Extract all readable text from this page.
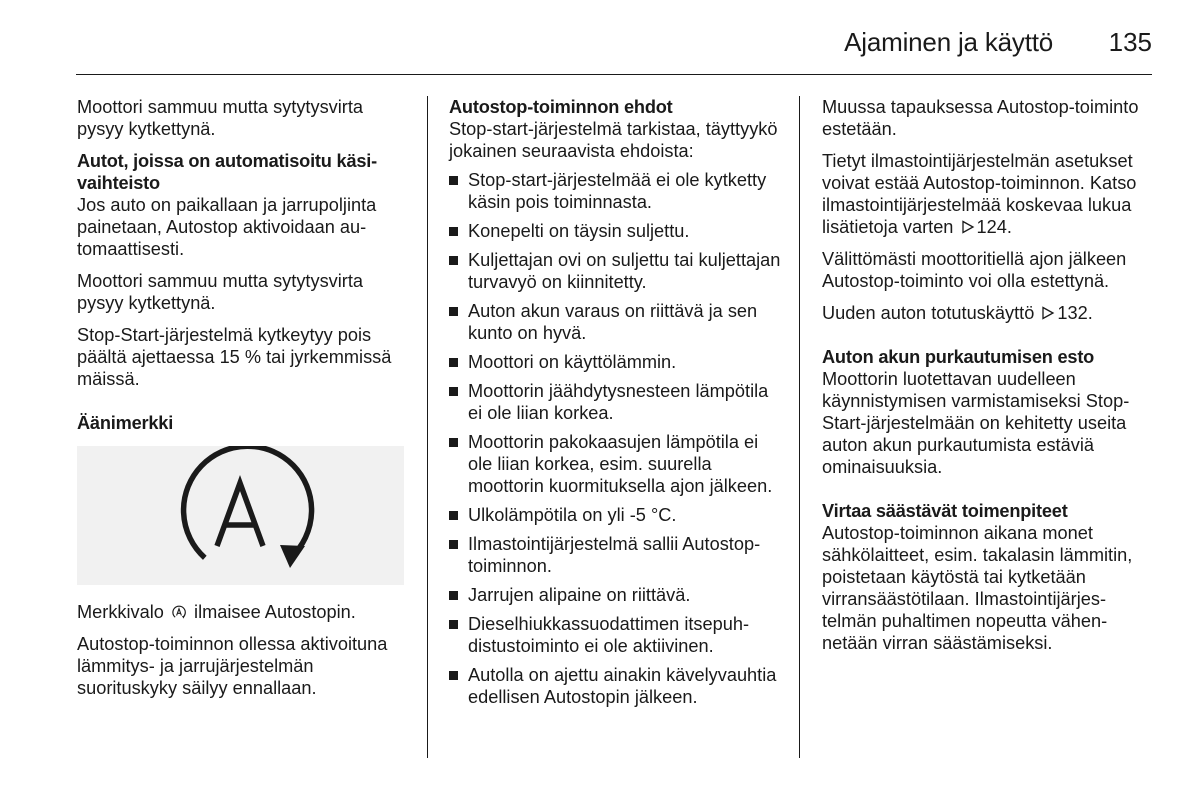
Ajaminen ja käyttö 135

Moottori sammuu mutta sytytysvirta pysyy kytkettynä.

Autot, joissa on automatisoitu käsivaihteisto

Jos auto on paikallaan ja jarrupoljinta painetaan, Autostop aktivoidaan automaattisesti.

Moottori sammuu mutta sytytysvirta pysyy kytkettynä.

Stop-Start-järjestelmä kytkeytyy pois päältä ajettaessa 15 % tai jyrkemmissä mäissä.

Äänimerkki

Merkkivalo ilmaisee Autostopin.

Autostop-toiminnon ollessa aktivoituna lämmitys- ja jarrujärjestelmän suorituskyky säilyy ennallaan.

Autostop-toiminnon ehdot

Stop-start-järjestelmä tarkistaa, täyttyykö jokainen seuraavista ehdoista:

Stop-start-järjestelmää ei ole kytketty käsin pois toiminnasta.
Konepelti on täysin suljettu.
Kuljettajan ovi on suljettu tai kuljettajan turvavyö on kiinnitetty.
Auton akun varaus on riittävä ja sen kunto on hyvä.
Moottori on käyttölämmin.
Moottorin jäähdytysnesteen lämpötila ei ole liian korkea.
Moottorin pakokaasujen lämpötila ei ole liian korkea, esim. suurella moottorin kuormituksella ajon jälkeen.
Ulkolämpötila on yli -5 °C.
Ilmastointijärjestelmä sallii Autostop-toiminnon.
Jarrujen alipaine on riittävä.
Dieselhiukkassuodattimen itsepuhdistustoiminto ei ole aktiivinen.
Autolla on ajettu ainakin kävelyvauhtia edellisen Autostopin jälkeen.

Muussa tapauksessa Autostop-toiminto estetään.

Tietyt ilmastointijärjestelmän asetukset voivat estää Autostop-toiminnon. Katso ilmastointijärjestelmää koskevaa lukua lisätietoja varten 124.

Välittömästi moottoritiellä ajon jälkeen Autostop-toiminto voi olla estettynä.

Uuden auton totutuskäyttö 132.

Auton akun purkautumisen esto

Moottorin luotettavan uudelleen käynnistymisen varmistamiseksi Stop-Start-järjestelmään on kehitetty useita auton akun purkautumista estäviä ominaisuuksia.

Virtaa säästävät toimenpiteet

Autostop-toiminnon aikana monet sähkölaitteet, esim. takalasin lämmitin, poistetaan käytöstä tai kytketään virransäästötilaan. Ilmastointijärjestelmän puhaltimen nopeutta vähennetään virran säästämiseksi.
